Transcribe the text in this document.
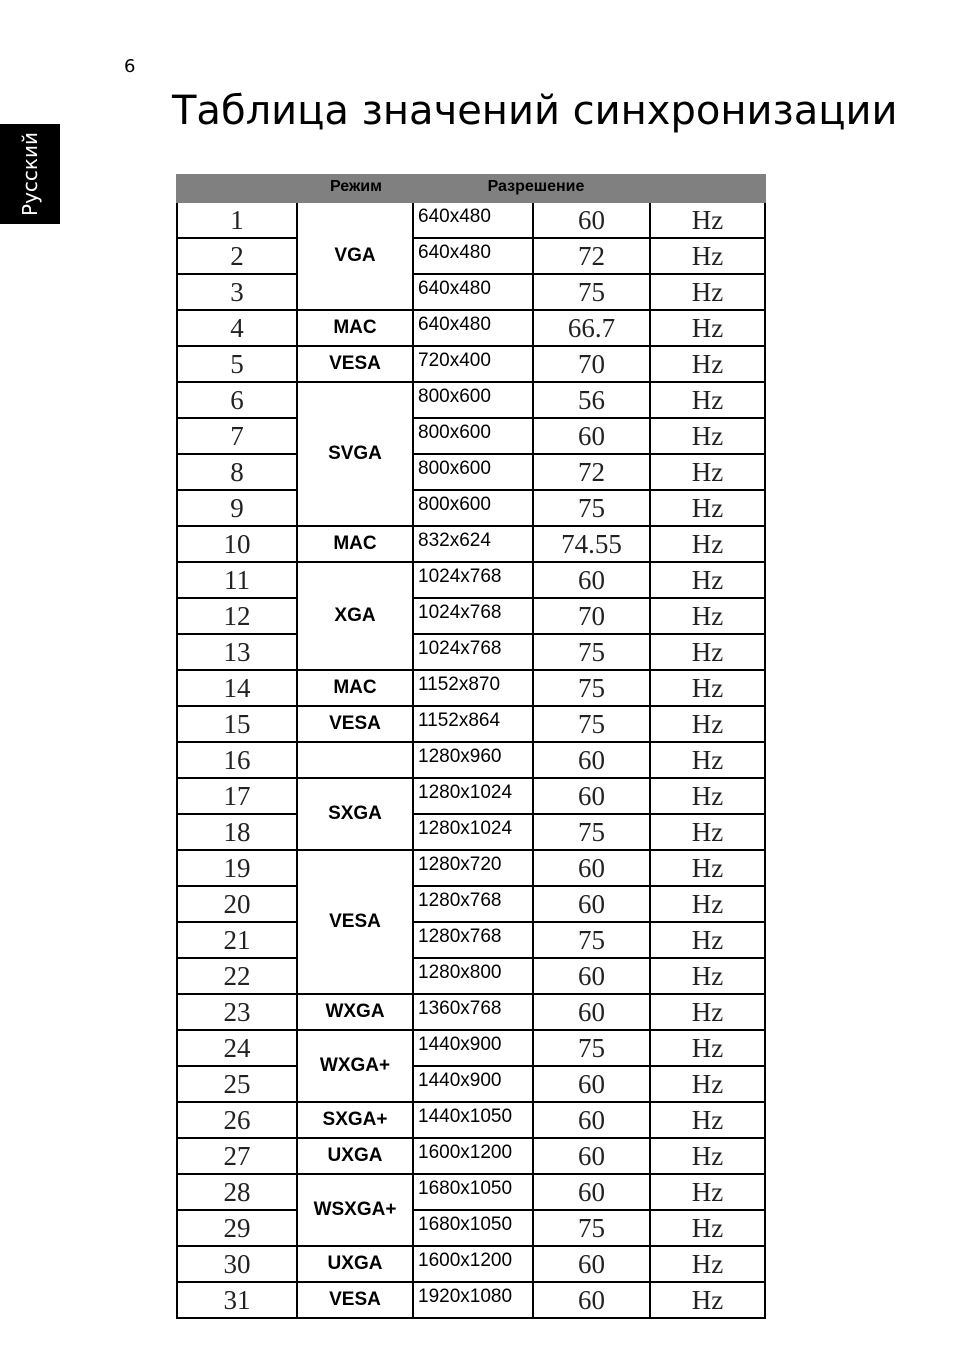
6
Русский
Таблица значений синхронизации
Режим	Разрешение
1	VGA	640x480	60	Hz
2		640x480	72	Hz
3		640x480	75	Hz
4	MAC	640x480	66.7	Hz
5	VESA	720x400	70	Hz
6	SVGA	800x600	56	Hz
7		800x600	60	Hz
8		800x600	72	Hz
9		800x600	75	Hz
10	MAC	832x624	74.55	Hz
11	XGA	1024x768	60	Hz
12		1024x768	70	Hz
13		1024x768	75	Hz
14	MAC	1152x870	75	Hz
15	VESA	1152x864	75	Hz
16		1280x960	60	Hz
17	SXGA	1280x1024	60	Hz
18		1280x1024	75	Hz
19	VESA	1280x720	60	Hz
20		1280x768	60	Hz
21		1280x768	75	Hz
22		1280x800	60	Hz
23	WXGA	1360x768	60	Hz
24	WXGA+	1440x900	75	Hz
25		1440x900	60	Hz
26	SXGA+	1440x1050	60	Hz
27	UXGA	1600x1200	60	Hz
28	WSXGA+	1680x1050	60	Hz
29		1680x1050	75	Hz
30	UXGA	1600x1200	60	Hz
31	VESA	1920x1080	60	Hz
